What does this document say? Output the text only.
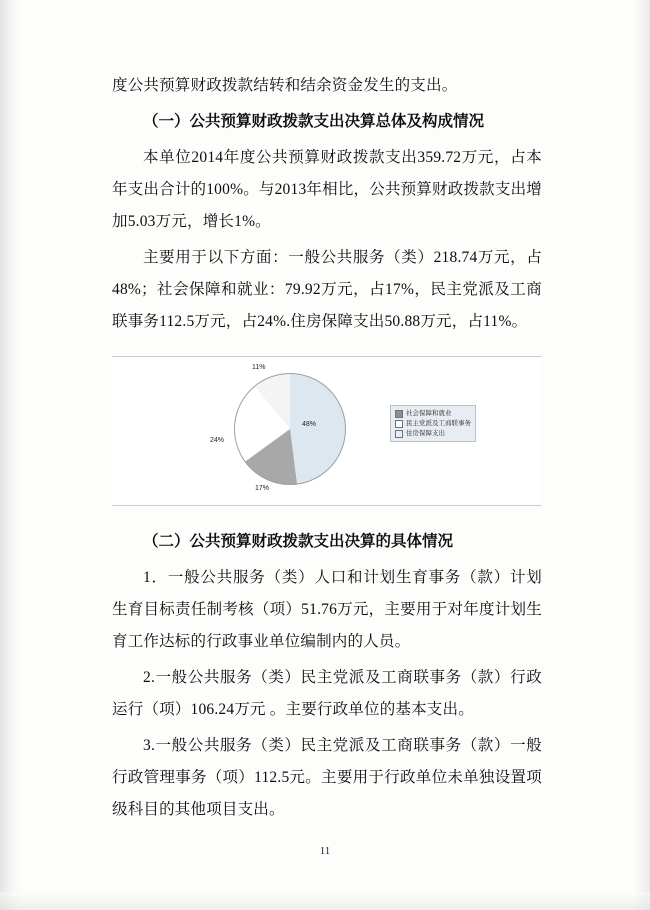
度公共预算财政拨款结转和结余资金发生的支出。

（一）公共预算财政拨款支出决算总体及构成情况

本单位2014年度公共预算财政拨款支出359.72万元，占本年支出合计的100%。与2013年相比，公共预算财政拨款支出增加5.03万元，增长1%。

主要用于以下方面：一般公共服务（类）218.74万元，占48%；社会保障和就业：79.92万元，占17%，民主党派及工商联事务112.5万元，占24%.住房保障支出50.88万元，占11%。

48%
17%
24%
11%
社会保障和就业
民主党派及工商联事务
住房保障支出

（二）公共预算财政拨款支出决算的具体情况

1．一般公共服务（类）人口和计划生育事务（款）计划生育目标责任制考核（项）51.76万元，主要用于对年度计划生育工作达标的行政事业单位编制内的人员。

2.一般公共服务（类）民主党派及工商联事务（款）行政运行（项）106.24万元 。主要行政单位的基本支出。

3.一般公共服务（类）民主党派及工商联事务（款）一般行政管理事务（项）112.5元。主要用于行政单位未单独设置项级科目的其他项目支出。

11
